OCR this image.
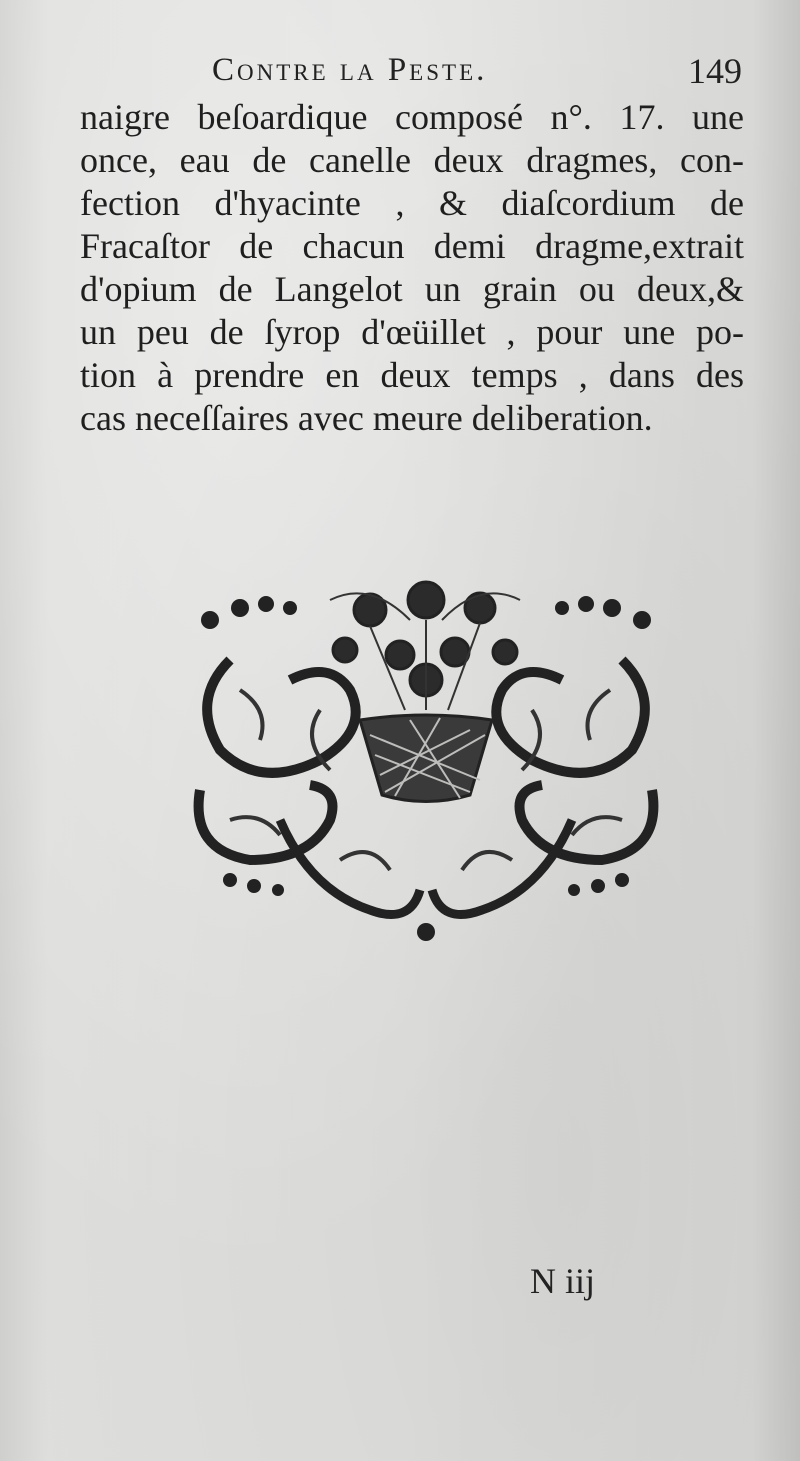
Contre la Peste.	149
naigre beſoardique composé n°. 17. une
once, eau de canelle deux dragmes, con-
fection d'hyacinte , & diaſcordium de
Fracaſtor de chacun demi dragme,extrait
d'opium de Langelot un grain ou deux,&
un peu de ſyrop d'œüillet , pour une po-
tion à prendre en deux temps , dans des
cas neceſſaires avec meure deliberation.
N iij
